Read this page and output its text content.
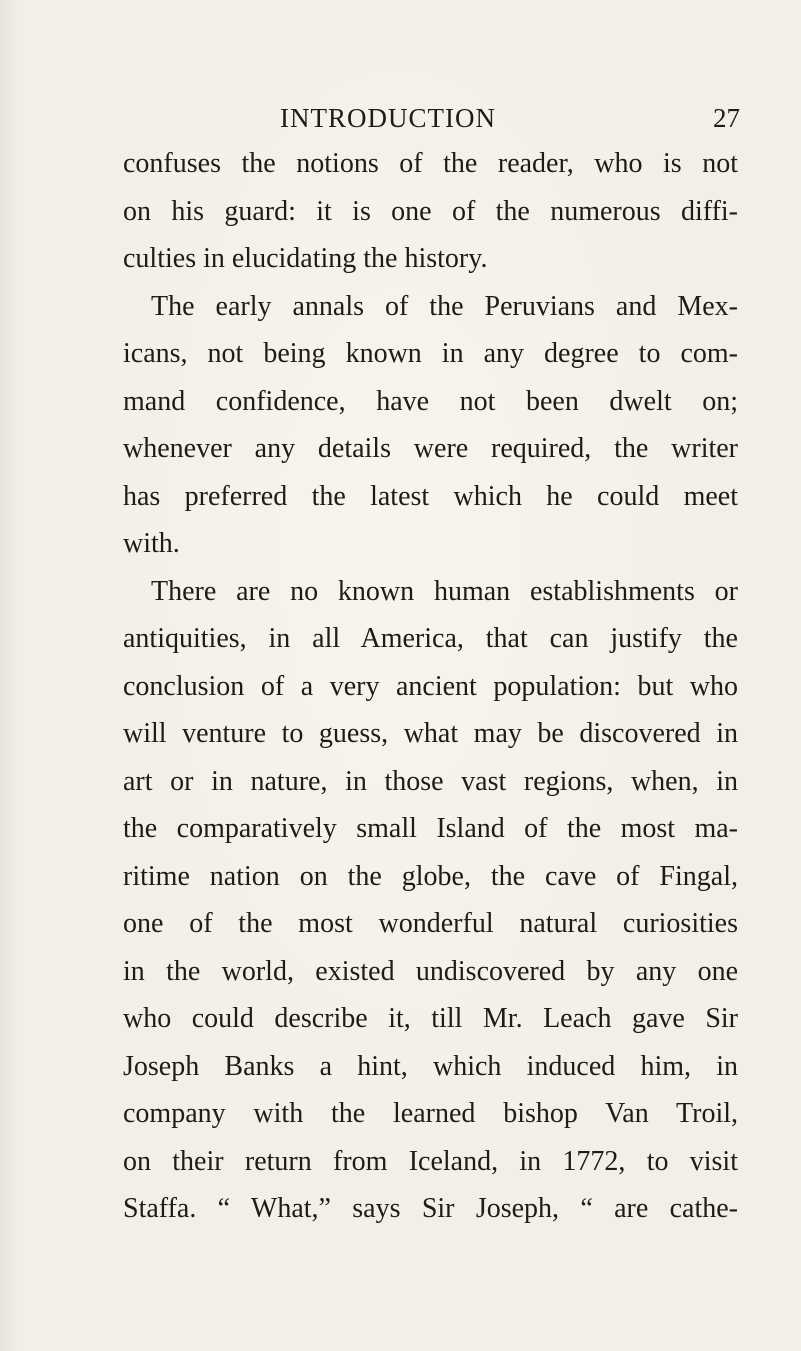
INTRODUCTION	27
confuses the notions of the reader, who is not
on his guard: it is one of the numerous diffi-
culties in elucidating the history.
The early annals of the Peruvians and Mex-
icans, not being known in any degree to com-
mand confidence, have not been dwelt on;
whenever any details were required, the writer
has preferred the latest which he could meet
with.
There are no known human establishments or
antiquities, in all America, that can justify the
conclusion of a very ancient population: but who
will venture to guess, what may be discovered in
art or in nature, in those vast regions, when, in
the comparatively small Island of the most ma-
ritime nation on the globe, the cave of Fingal,
one of the most wonderful natural curiosities
in the world, existed undiscovered by any one
who could describe it, till Mr. Leach gave Sir
Joseph Banks a hint, which induced him, in
company with the learned bishop Van Troil,
on their return from Iceland, in 1772, to visit
Staffa. “ What,” says Sir Joseph, “ are cathe-
